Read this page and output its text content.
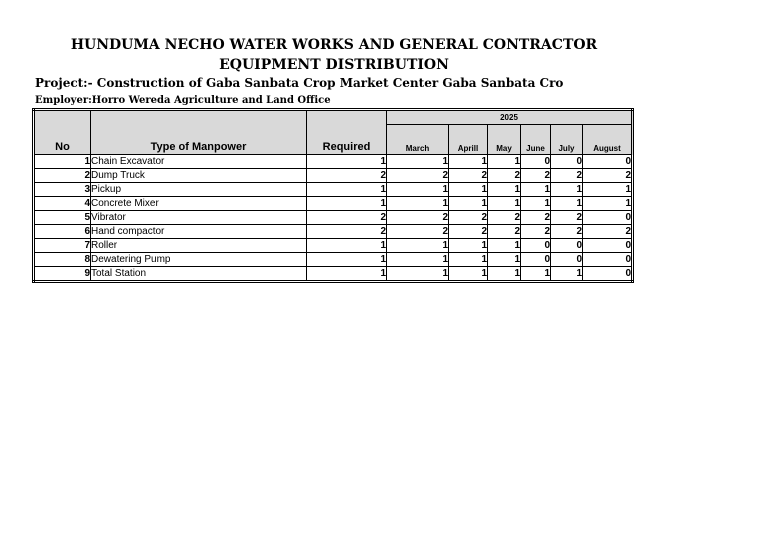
HUNDUMA NECHO WATER WORKS AND GENERAL CONTRACTOR
EQUIPMENT DISTRIBUTION
Project:- Construction of Gaba Sanbata Crop Market Center Gaba Sanbata Cro
Employer:Horro Wereda Agriculture and Land Office
No	Type of Manpower	Required	2025					
			March	Aprill	May	June	July	August
1	Chain Excavator	1	1	1	1	0	0	0
2	Dump Truck	2	2	2	2	2	2	2
3	Pickup	1	1	1	1	1	1	1
4	Concrete Mixer	1	1	1	1	1	1	1
5	Vibrator	2	2	2	2	2	2	0
6	Hand compactor	2	2	2	2	2	2	2
7	Roller	1	1	1	1	0	0	0
8	Dewatering Pump	1	1	1	1	0	0	0
9	Total Station	1	1	1	1	1	1	0
